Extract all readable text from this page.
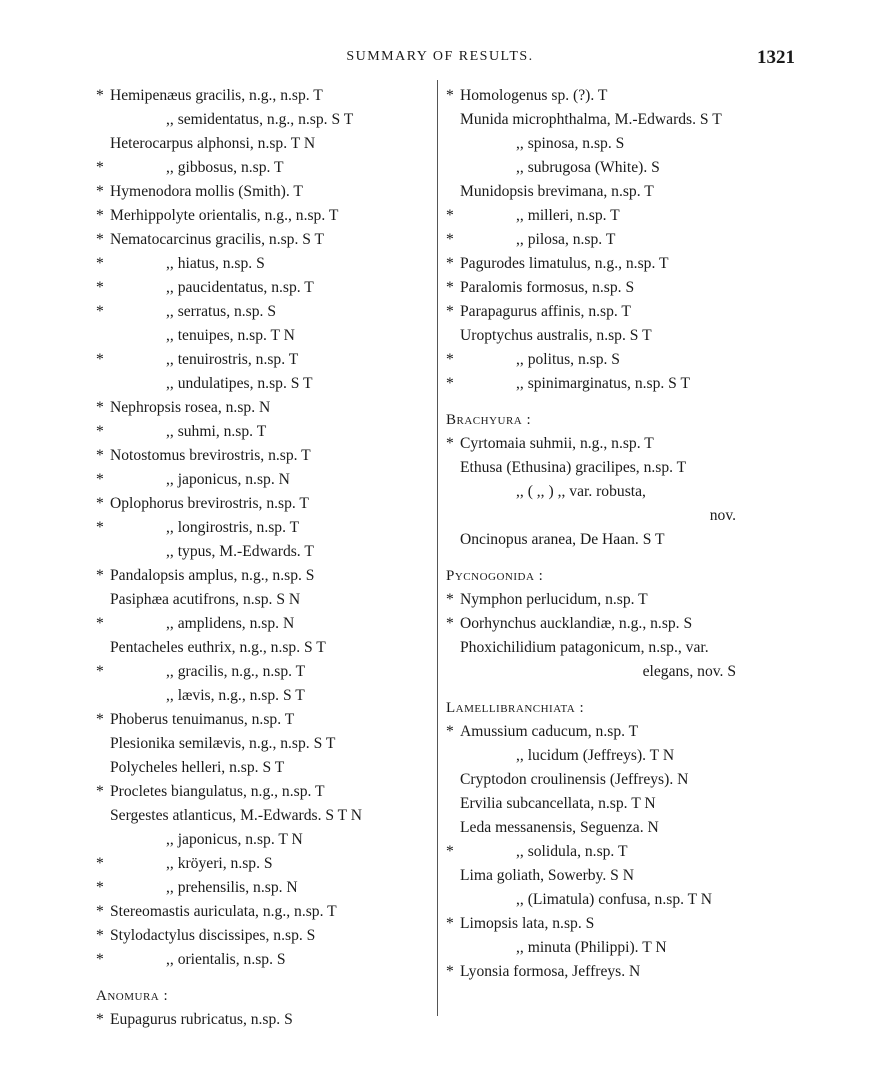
SUMMARY OF RESULTS.	1321
* Hemipenæus gracilis, n.g., n.sp. T
,, semidentatus, n.g., n.sp. S T
Heterocarpus alphonsi, n.sp. T N
*	,, gibbosus, n.sp. T
* Hymenodora mollis (Smith). T
* Merhippolyte orientalis, n.g., n.sp. T
* Nematocarcinus gracilis, n.sp. S T
*	,, hiatus, n.sp. S
*	,, paucidentatus, n.sp. T
*	,, serratus, n.sp. S
,, tenuipes, n.sp. T N
*	,, tenuirostris, n.sp. T
,, undulatipes, n.sp. S T
* Nephropsis rosea, n.sp. N
*	,, suhmi, n.sp. T
* Notostomus brevirostris, n.sp. T
*	,, japonicus, n.sp. N
* Oplophorus brevirostris, n.sp. T
*	,, longirostris, n.sp. T
,, typus, M.-Edwards. T
* Pandalopsis amplus, n.g., n.sp. S
Pasiphæa acutifrons, n.sp. S N
*	,, amplidens, n.sp. N
Pentacheles euthrix, n.g., n.sp. S T
*	,, gracilis, n.g., n.sp. T
,, lævis, n.g., n.sp. S T
* Phoberus tenuimanus, n.sp. T
Plesionika semilævis, n.g., n.sp. S T
Polycheles helleri, n.sp. S T
* Procletes biangulatus, n.g., n.sp. T
Sergestes atlanticus, M.-Edwards. S T N
,, japonicus, n.sp. T N
*	,, kröyeri, n.sp. S
*	,, prehensilis, n.sp. N
* Stereomastis auriculata, n.g., n.sp. T
* Stylodactylus discissipes, n.sp. S
*	,, orientalis, n.sp. S
Anomura :
* Eupagurus rubricatus, n.sp. S
* Homologenus sp. (?). T
Munida microphthalma, M.-Edwards. S T
,, spinosa, n.sp. S
,, subrugosa (White). S
Munidopsis brevimana, n.sp. T
*	,, milleri, n.sp. T
*	,, pilosa, n.sp. T
* Pagurodes limatulus, n.g., n.sp. T
* Paralomis formosus, n.sp. S
* Parapagurus affinis, n.sp. T
Uroptychus australis, n.sp. S T
*	,, politus, n.sp. S
*	,, spinimarginatus, n.sp. S T
Brachyura :
* Cyrtomaia suhmii, n.g., n.sp. T
Ethusa (Ethusina) gracilipes, n.sp. T
,, ( ,, ) ,, var. robusta,
nov.
Oncinopus aranea, De Haan. S T
Pycnogonida :
* Nymphon perlucidum, n.sp. T
* Oorhynchus aucklandiæ, n.g., n.sp. S
Phoxichilidium patagonicum, n.sp., var.
elegans, nov. S
Lamellibranchiata :
* Amussium caducum, n.sp. T
,, lucidum (Jeffreys). T N
Cryptodon croulinensis (Jeffreys). N
Ervilia subcancellata, n.sp. T N
Leda messanensis, Seguenza. N
*	,, solidula, n.sp. T
Lima goliath, Sowerby. S N
,, (Limatula) confusa, n.sp. T N
* Limopsis lata, n.sp. S
,, minuta (Philippi). T N
* Lyonsia formosa, Jeffreys. N
